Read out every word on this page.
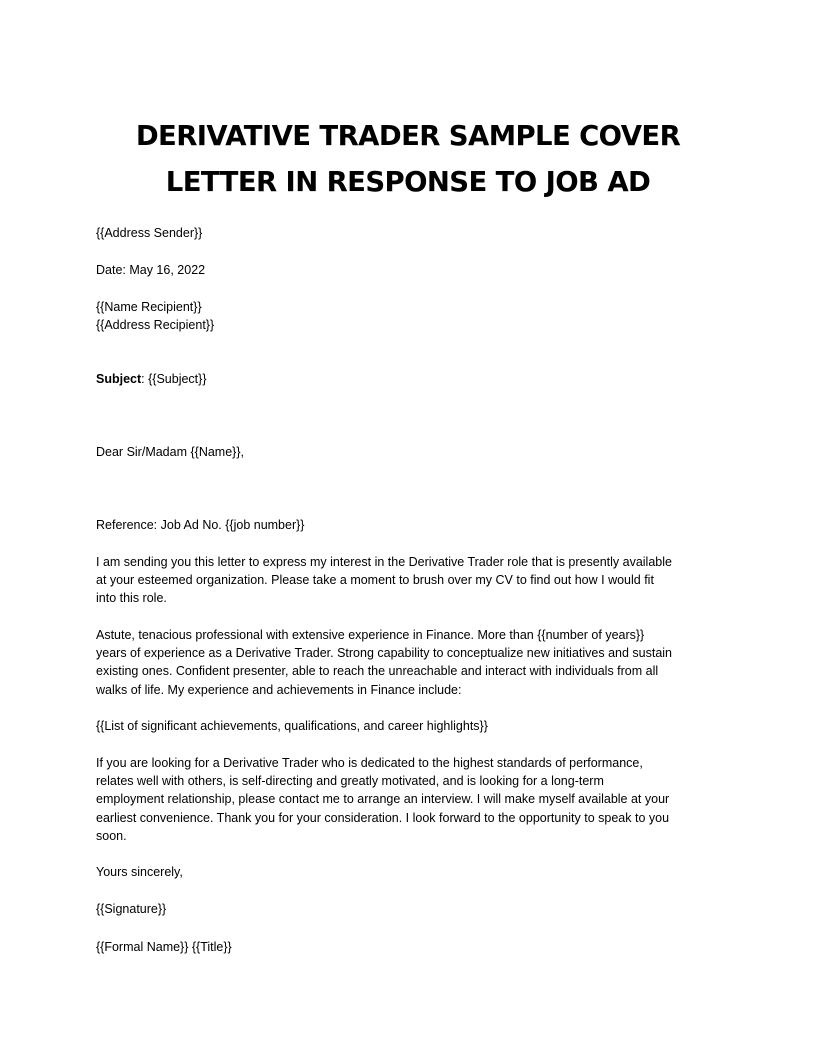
DERIVATIVE TRADER SAMPLE COVER
LETTER IN RESPONSE TO JOB AD
{{Address Sender}}
Date: May 16, 2022
{{Name Recipient}}
{{Address Recipient}}
Subject: {{Subject}}
Dear Sir/Madam {{Name}},
Reference: Job Ad No. {{job number}}
I am sending you this letter to express my interest in the Derivative Trader role that is presently available
at your esteemed organization. Please take a moment to brush over my CV to find out how I would fit
into this role.
Astute, tenacious professional with extensive experience in Finance. More than {{number of years}}
years of experience as a Derivative Trader. Strong capability to conceptualize new initiatives and sustain
existing ones. Confident presenter, able to reach the unreachable and interact with individuals from all
walks of life. My experience and achievements in Finance include:
{{List of significant achievements, qualifications, and career highlights}}
If you are looking for a Derivative Trader who is dedicated to the highest standards of performance,
relates well with others, is self-directing and greatly motivated, and is looking for a long-term
employment relationship, please contact me to arrange an interview. I will make myself available at your
earliest convenience. Thank you for your consideration. I look forward to the opportunity to speak to you
soon.
Yours sincerely,
{{Signature}}
{{Formal Name}} {{Title}}
